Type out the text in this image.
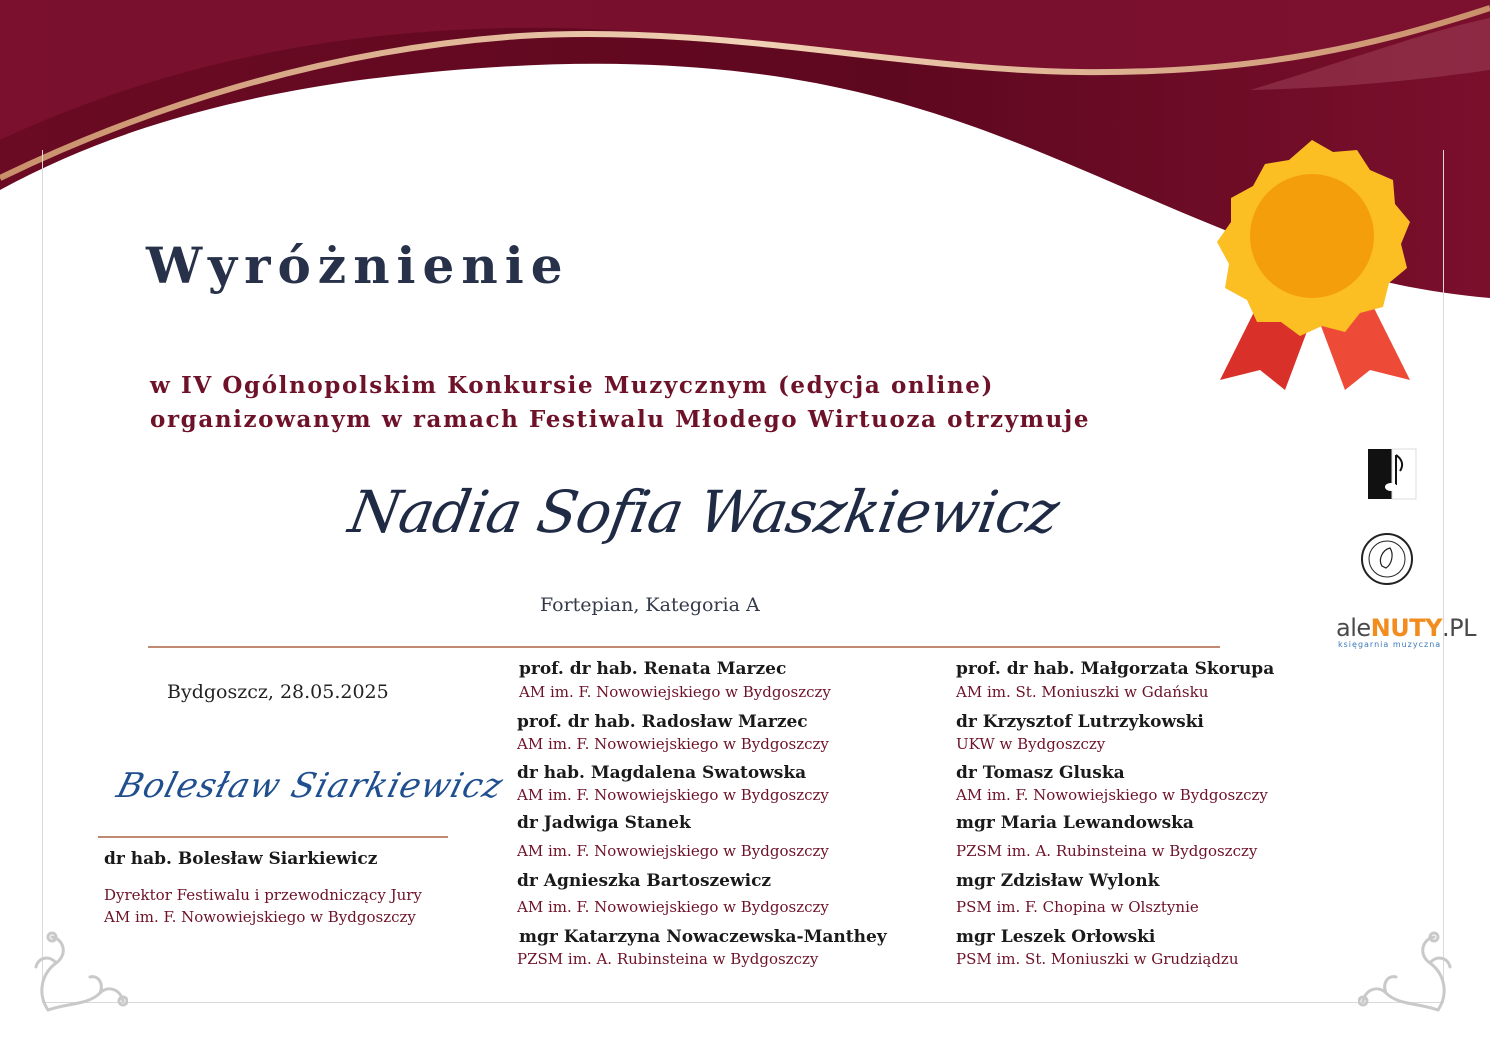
aleNUTY.PL
księgarnia muzyczna
Wyróżnienie
w IV Ogólnopolskim Konkursie Muzycznym (edycja online)
organizowanym w ramach Festiwalu Młodego Wirtuoza otrzymuje
Nadia Sofia Waszkiewicz
Fortepian, Kategoria A
Bydgoszcz, 28.05.2025
Bolesław Siarkiewicz
dr hab. Bolesław Siarkiewicz
Dyrektor Festiwalu i przewodniczący Jury
AM im. F. Nowowiejskiego w Bydgoszczy
prof. dr hab. Renata Marzec
AM im. F. Nowowiejskiego w Bydgoszczy
prof. dr hab. Radosław Marzec
AM im. F. Nowowiejskiego w Bydgoszczy
dr hab. Magdalena Swatowska
AM im. F. Nowowiejskiego w Bydgoszczy
dr Jadwiga Stanek
AM im. F. Nowowiejskiego w Bydgoszczy
dr Agnieszka Bartoszewicz
AM im. F. Nowowiejskiego w Bydgoszczy
mgr Katarzyna Nowaczewska-Manthey
PZSM im. A. Rubinsteina w Bydgoszczy
prof. dr hab. Małgorzata Skorupa
AM im. St. Moniuszki w Gdańsku
dr Krzysztof Lutrzykowski
UKW w Bydgoszczy
dr Tomasz Gluska
AM im. F. Nowowiejskiego w Bydgoszczy
mgr Maria Lewandowska
PZSM im. A. Rubinsteina w Bydgoszczy
mgr Zdzisław Wylonk
PSM im. F. Chopina w Olsztynie
mgr Leszek Orłowski
PSM im. St. Moniuszki w Grudziądzu
